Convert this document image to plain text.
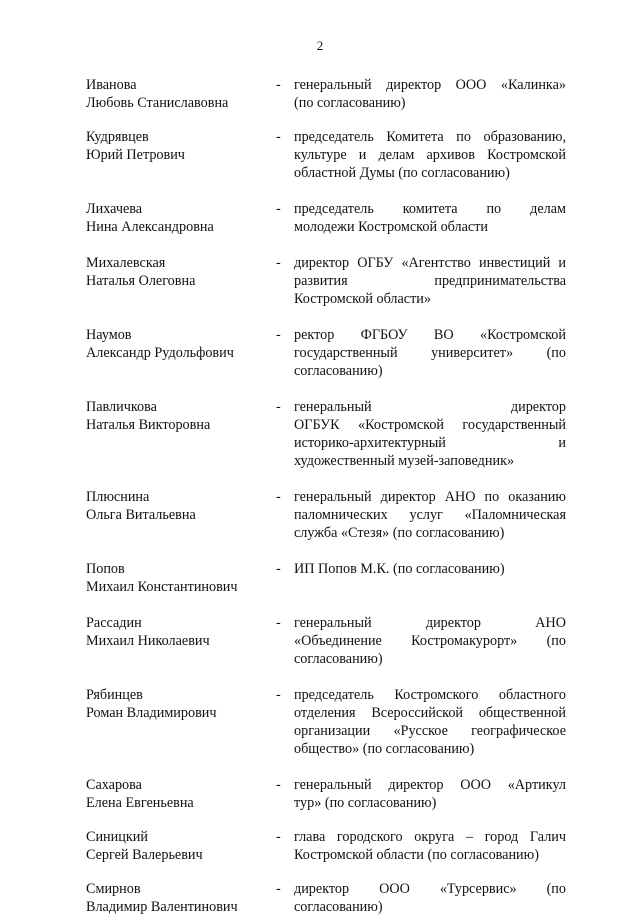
2
Иванова
Любовь Станиславовна
- генеральный директор ООО «Калинка»
(по согласованию)
Кудрявцев
Юрий Петрович
- председатель Комитета по образованию,
культуре и делам архивов Костромской
областной Думы (по согласованию)
Лихачева
Нина Александровна
- председатель комитета по делам
молодежи Костромской области
Михалевская
Наталья Олеговна
- директор ОГБУ «Агентство инвестиций и
развития предпринимательства
Костромской области»
Наумов
Александр Рудольфович
- ректор ФГБОУ ВО «Костромской
государственный университет» (по
согласованию)
Павличкова
Наталья Викторовна
- генеральный директор
ОГБУК «Костромской государственный
историко-архитектурный и
художественный музей-заповедник»
Плюснина
Ольга Витальевна
- генеральный директор АНО по оказанию
паломнических услуг «Паломническая
служба «Стезя» (по согласованию)
Попов
Михаил Константинович
- ИП Попов М.К. (по согласованию)
Рассадин
Михаил Николаевич
- генеральный директор АНО
«Объединение Костромакурорт» (по
согласованию)
Рябинцев
Роман Владимирович
- председатель Костромского областного
отделения Всероссийской общественной
организации «Русское географическое
общество» (по согласованию)
Сахарова
Елена Евгеньевна
- генеральный директор ООО «Артикул
тур» (по согласованию)
Синицкий
Сергей Валерьевич
- глава городского округа – город Галич
Костромской области (по согласованию)
Смирнов
Владимир Валентинович
- директор ООО «Турсервис» (по
согласованию)
